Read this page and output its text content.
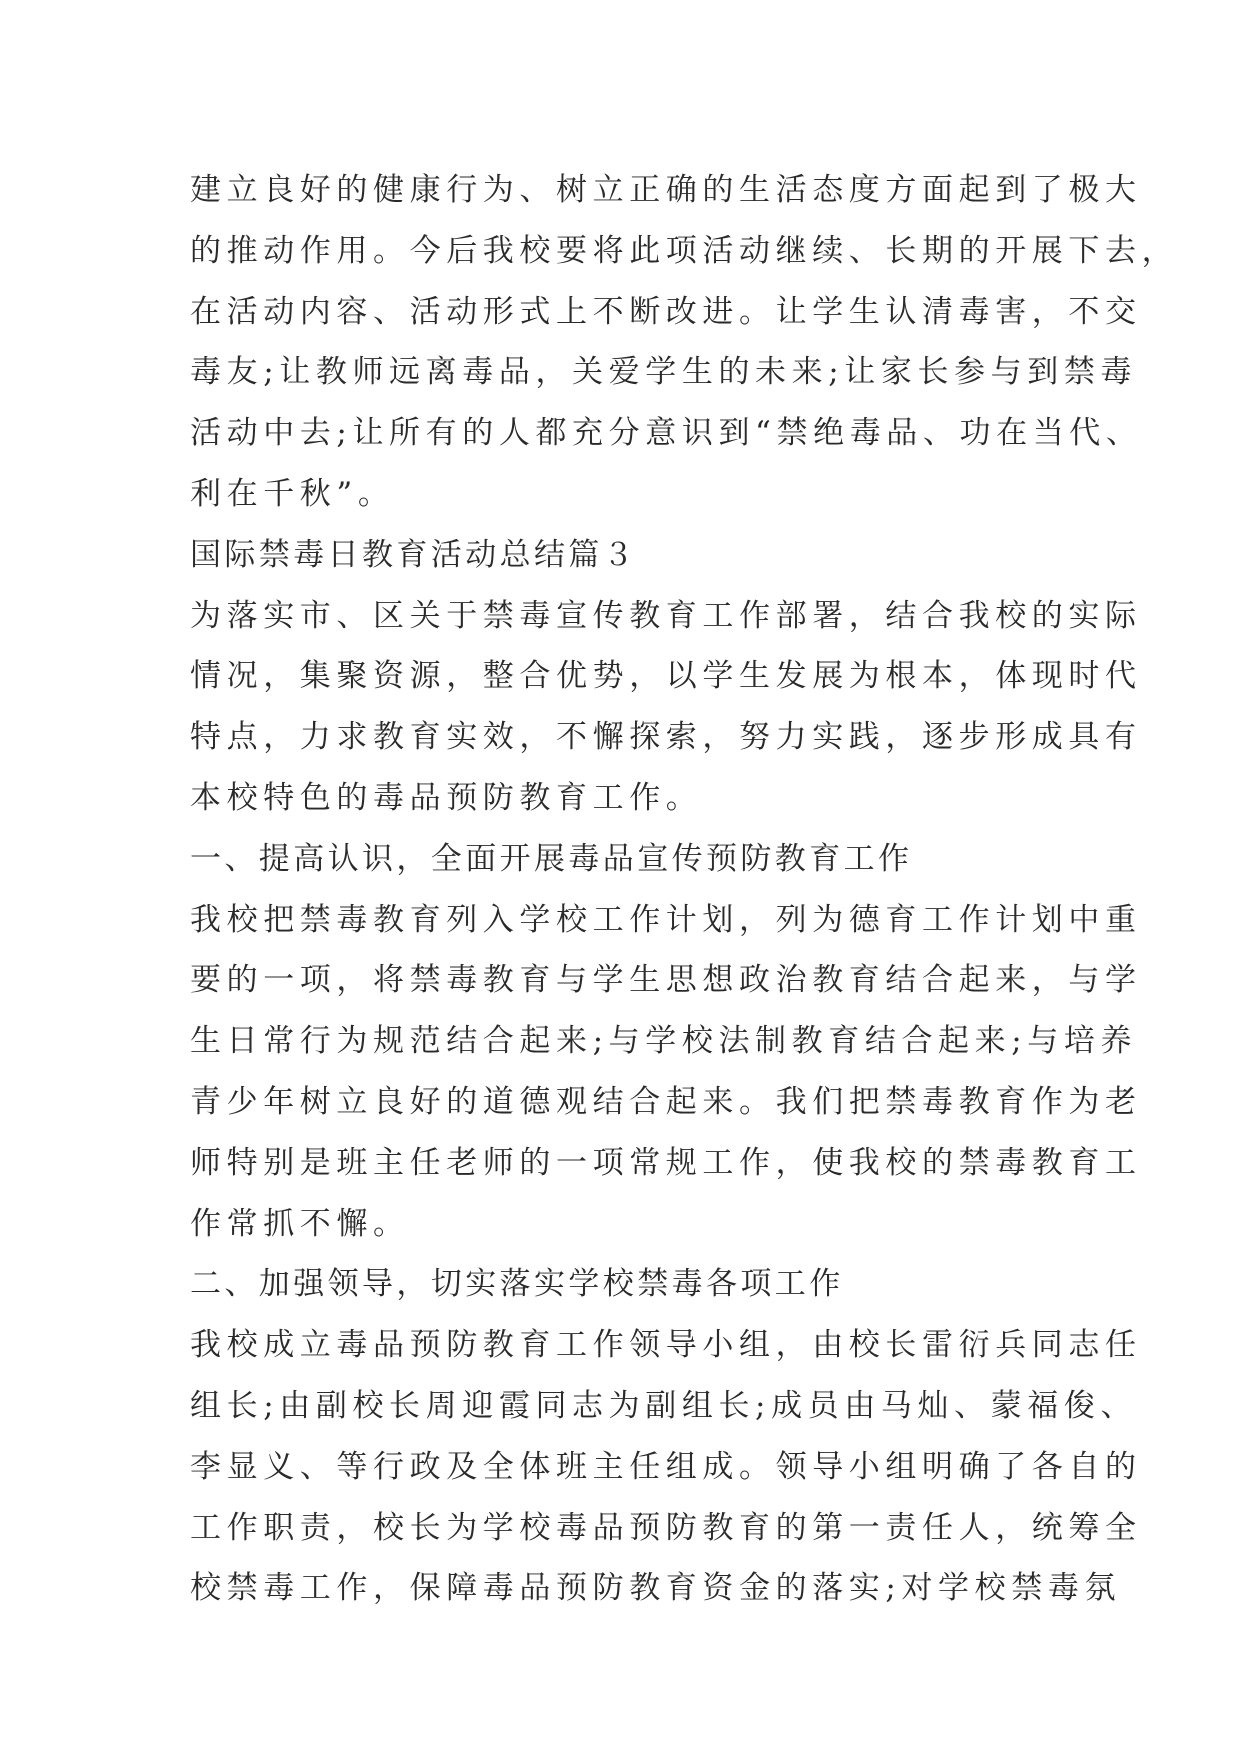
建立良好的健康行为、树立正确的生活态度方面起到了极大
的推动作用。今后我校要将此项活动继续、长期的开展下去，
在活动内容、活动形式上不断改进。让学生认清毒害，不交
毒友;让教师远离毒品，关爱学生的未来;让家长参与到禁毒
活动中去;让所有的人都充分意识到“禁绝毒品、功在当代、
利在千秋”。
国际禁毒日教育活动总结篇３
为落实市、区关于禁毒宣传教育工作部署，结合我校的实际
情况，集聚资源，整合优势，以学生发展为根本，体现时代
特点，力求教育实效，不懈探索，努力实践，逐步形成具有
本校特色的毒品预防教育工作。
一、提高认识，全面开展毒品宣传预防教育工作
我校把禁毒教育列入学校工作计划，列为德育工作计划中重
要的一项，将禁毒教育与学生思想政治教育结合起来，与学
生日常行为规范结合起来;与学校法制教育结合起来;与培养
青少年树立良好的道德观结合起来。我们把禁毒教育作为老
师特别是班主任老师的一项常规工作，使我校的禁毒教育工
作常抓不懈。
二、加强领导，切实落实学校禁毒各项工作
我校成立毒品预防教育工作领导小组，由校长雷衍兵同志任
组长;由副校长周迎霞同志为副组长;成员由马灿、蒙福俊、
李显义、等行政及全体班主任组成。领导小组明确了各自的
工作职责，校长为学校毒品预防教育的第一责任人，统筹全
校禁毒工作，保障毒品预防教育资金的落实;对学校禁毒氛
